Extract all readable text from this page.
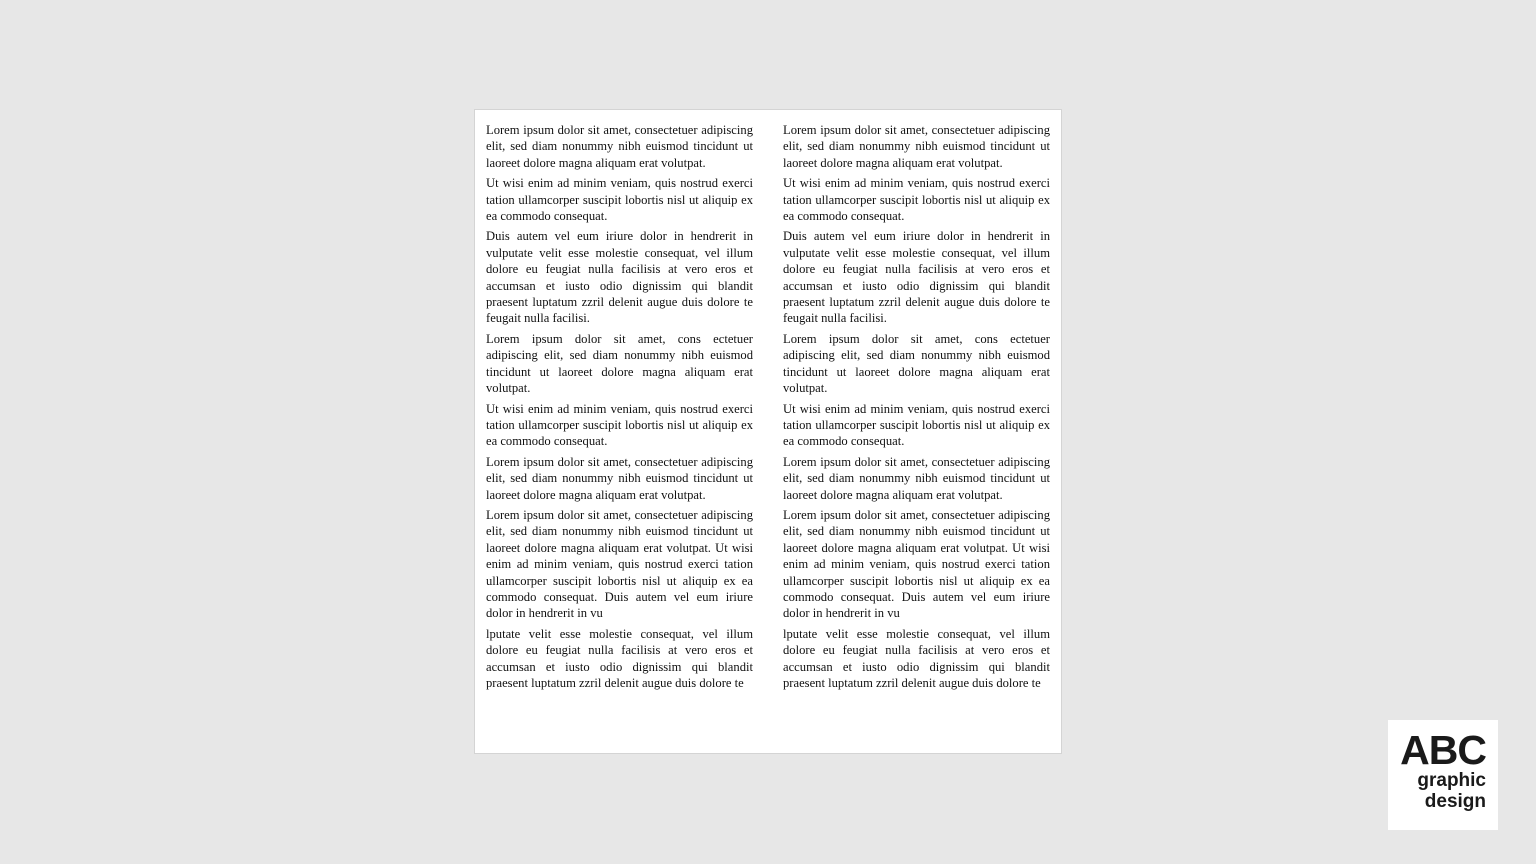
Lorem ipsum dolor sit amet, consectetuer adipiscing elit, sed diam nonummy nibh euismod tincidunt ut laoreet dolore magna aliquam erat volutpat.

Ut wisi enim ad minim veniam, quis nostrud exerci tation ullamcorper suscipit lobortis nisl ut aliquip ex ea commodo consequat.

Duis autem vel eum iriure dolor in hendrerit in vulputate velit esse molestie consequat, vel illum dolore eu feugiat nulla facilisis at vero eros et accumsan et iusto odio dignissim qui blandit praesent luptatum zzril delenit augue duis dolore te feugait nulla facilisi.

Lorem ipsum dolor sit amet, cons ectetuer adipiscing elit, sed diam nonummy nibh euismod tincidunt ut laoreet dolore magna aliquam erat volutpat.

Ut wisi enim ad minim veniam, quis nostrud exerci tation ullamcorper suscipit lobortis nisl ut aliquip ex ea commodo consequat.

Lorem ipsum dolor sit amet, consectetuer adipiscing elit, sed diam nonummy nibh euismod tincidunt ut laoreet dolore magna aliquam erat volutpat.

Lorem ipsum dolor sit amet, consectetuer adipiscing elit, sed diam nonummy nibh euismod tincidunt ut laoreet dolore magna aliquam erat volutpat. Ut wisi enim ad minim veniam, quis nostrud exerci tation ullamcorper suscipit lobortis nisl ut aliquip ex ea commodo consequat. Duis autem vel eum iriure dolor in hendrerit in vu

lputate velit esse molestie consequat, vel illum dolore eu feugiat nulla facilisis at vero eros et accumsan et iusto odio dignissim qui blandit praesent luptatum zzril delenit augue duis dolore te

Lorem ipsum dolor sit amet, consectetuer adipiscing elit, sed diam nonummy nibh euismod tincidunt ut laoreet dolore magna aliquam erat volutpat.

Ut wisi enim ad minim veniam, quis nostrud exerci tation ullamcorper suscipit lobortis nisl ut aliquip ex ea commodo consequat.

Duis autem vel eum iriure dolor in hendrerit in vulputate velit esse molestie consequat, vel illum dolore eu feugiat nulla facilisis at vero eros et accumsan et iusto odio dignissim qui blandit praesent luptatum zzril delenit augue duis dolore te feugait nulla facilisi.

Lorem ipsum dolor sit amet, cons ectetuer adipiscing elit, sed diam nonummy nibh euismod tincidunt ut laoreet dolore magna aliquam erat volutpat.

Ut wisi enim ad minim veniam, quis nostrud exerci tation ullamcorper suscipit lobortis nisl ut aliquip ex ea commodo consequat.

Lorem ipsum dolor sit amet, consectetuer adipiscing elit, sed diam nonummy nibh euismod tincidunt ut laoreet dolore magna aliquam erat volutpat.

Lorem ipsum dolor sit amet, consectetuer adipiscing elit, sed diam nonummy nibh euismod tincidunt ut laoreet dolore magna aliquam erat volutpat. Ut wisi enim ad minim veniam, quis nostrud exerci tation ullamcorper suscipit lobortis nisl ut aliquip ex ea commodo consequat. Duis autem vel eum iriure dolor in hendrerit in vu

lputate velit esse molestie consequat, vel illum dolore eu feugiat nulla facilisis at vero eros et accumsan et iusto odio dignissim qui blandit praesent luptatum zzril delenit augue duis dolore te

ABC
graphic
design
